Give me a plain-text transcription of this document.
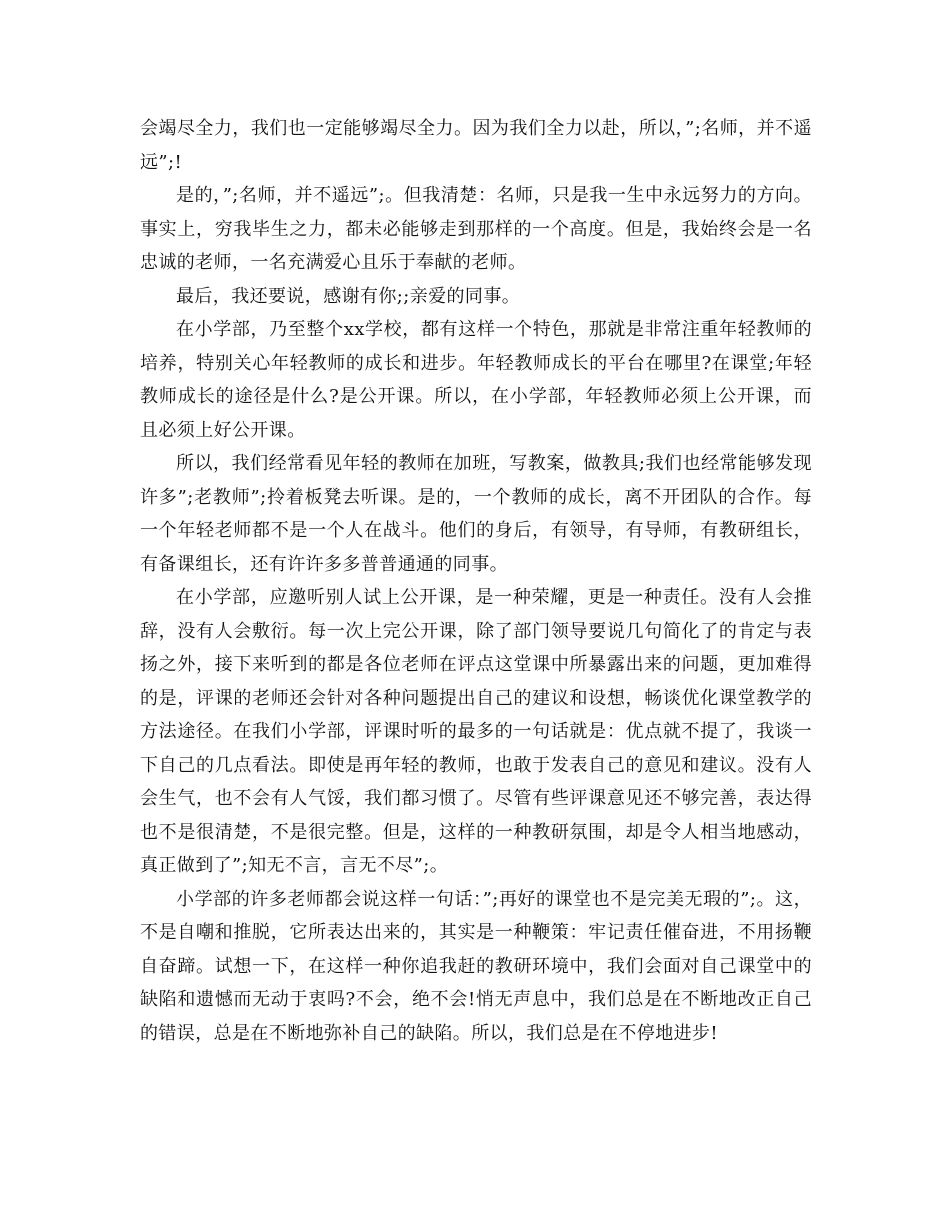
会竭尽全力，我们也一定能够竭尽全力。因为我们全力以赴，所以，”;名师，并不遥远”;!

是的，”;名师，并不遥远”;。但我清楚：名师，只是我一生中永远努力的方向。事实上，穷我毕生之力，都未必能够走到那样的一个高度。但是，我始终会是一名忠诚的老师，一名充满爱心且乐于奉献的老师。

最后，我还要说，感谢有你;;亲爱的同事。

在小学部，乃至整个xx学校，都有这样一个特色，那就是非常注重年轻教师的培养，特别关心年轻教师的成长和进步。年轻教师成长的平台在哪里?在课堂;年轻教师成长的途径是什么?是公开课。所以，在小学部，年轻教师必须上公开课，而且必须上好公开课。

所以，我们经常看见年轻的教师在加班，写教案，做教具;我们也经常能够发现许多”;老教师”;拎着板凳去听课。是的，一个教师的成长，离不开团队的合作。每一个年轻老师都不是一个人在战斗。他们的身后，有领导，有导师，有教研组长，有备课组长，还有许许多多普普通通的同事。

在小学部，应邀听别人试上公开课，是一种荣耀，更是一种责任。没有人会推辞，没有人会敷衍。每一次上完公开课，除了部门领导要说几句简化了的肯定与表扬之外，接下来听到的都是各位老师在评点这堂课中所暴露出来的问题，更加难得的是，评课的老师还会针对各种问题提出自己的建议和设想，畅谈优化课堂教学的方法途径。在我们小学部，评课时听的最多的一句话就是：优点就不提了，我谈一下自己的几点看法。即使是再年轻的教师，也敢于发表自己的意见和建议。没有人会生气，也不会有人气馁，我们都习惯了。尽管有些评课意见还不够完善，表达得也不是很清楚，不是很完整。但是，这样的一种教研氛围，却是令人相当地感动，真正做到了”;知无不言，言无不尽”;。

小学部的许多老师都会说这样一句话：”;再好的课堂也不是完美无瑕的”;。这，不是自嘲和推脱，它所表达出来的，其实是一种鞭策：牢记责任催奋进，不用扬鞭自奋蹄。试想一下，在这样一种你追我赶的教研环境中，我们会面对自己课堂中的缺陷和遗憾而无动于衷吗?不会，绝不会!悄无声息中，我们总是在不断地改正自己的错误，总是在不断地弥补自己的缺陷。所以，我们总是在不停地进步!
